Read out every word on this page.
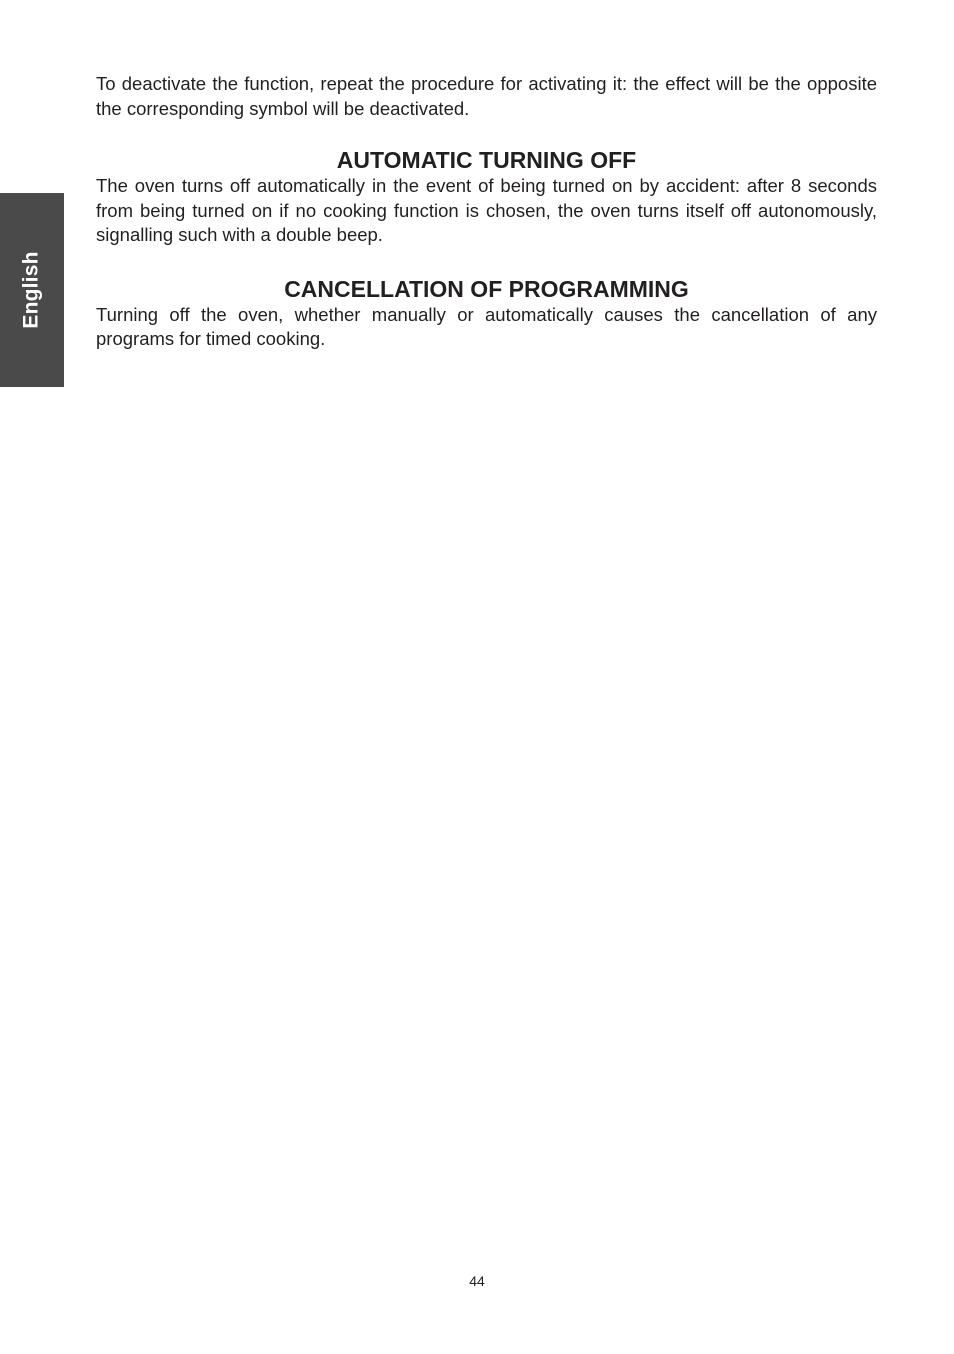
English

To deactivate the function, repeat the procedure for activating it: the effect will be the opposite the corresponding symbol will be deactivated.

AUTOMATIC TURNING OFF

The oven turns off automatically in the event of being turned on by accident: after 8 seconds from being turned on if no cooking function is chosen, the oven turns itself off autonomously, signalling such with a double beep.

CANCELLATION OF PROGRAMMING

Turning off the oven, whether manually or automatically causes the cancellation of any programs for timed cooking.

44
